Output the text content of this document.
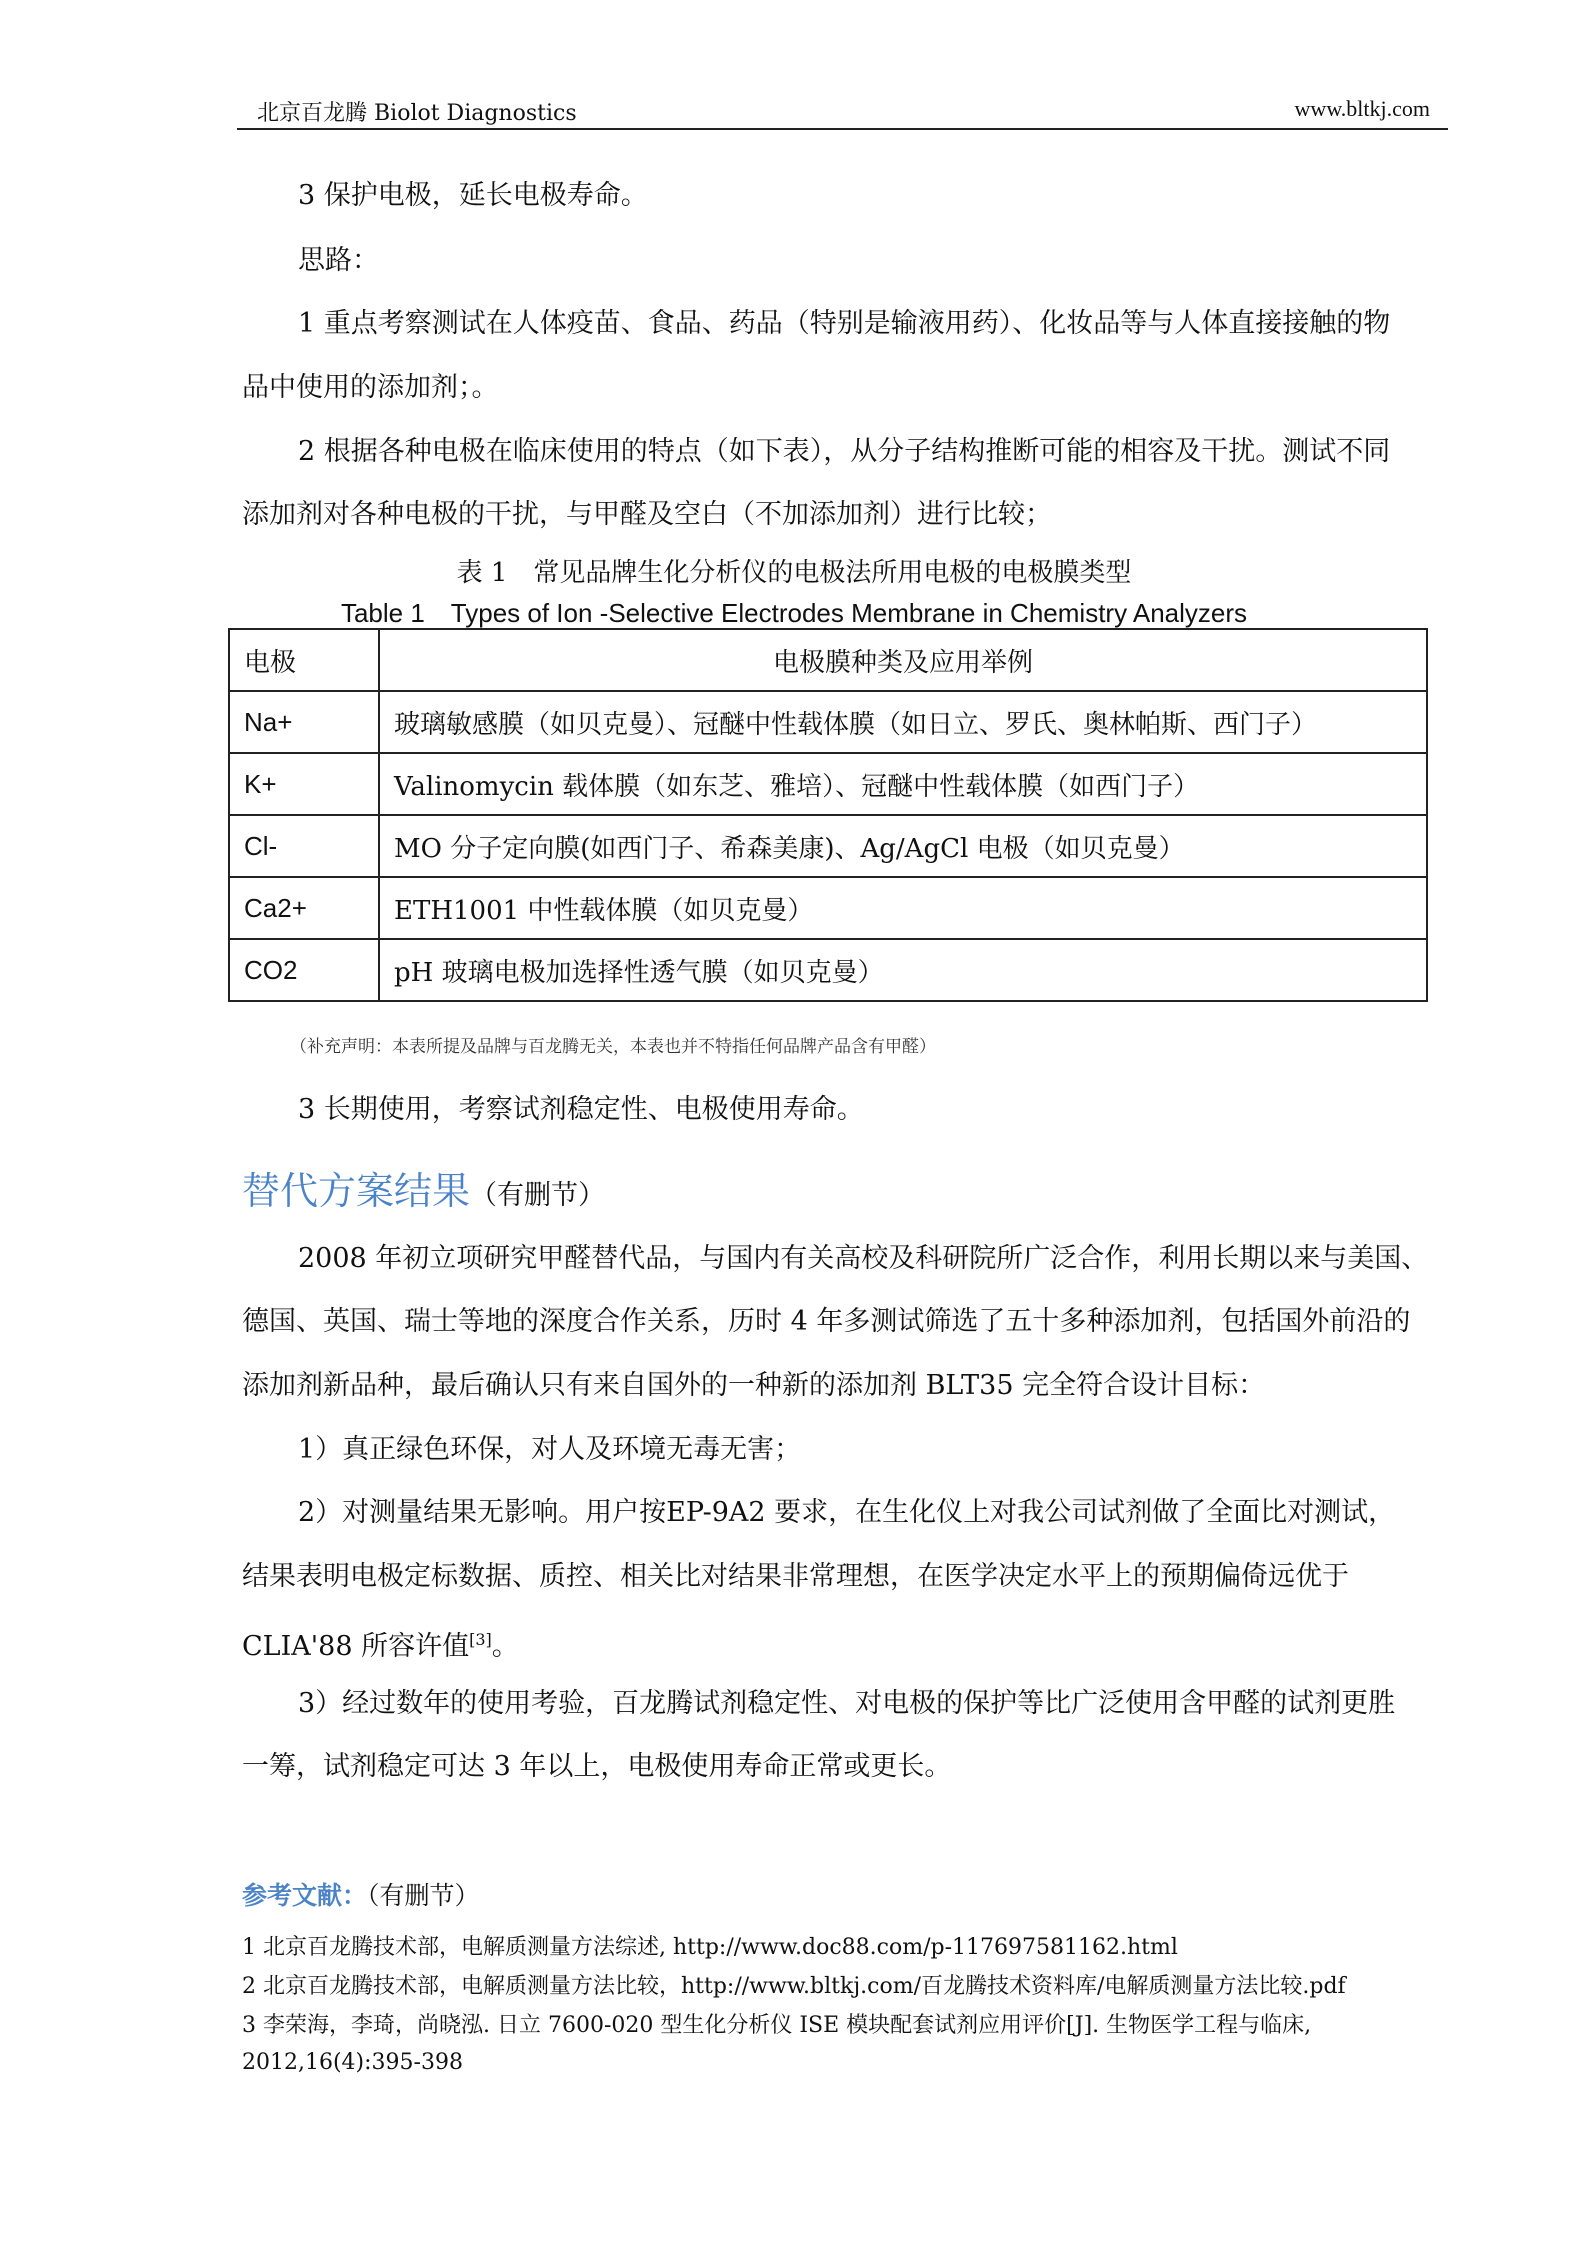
北京百龙腾 Biolot Diagnostics	www.bltkj.com
3 保护电极，延长电极寿命。
思路：
1 重点考察测试在人体疫苗、食品、药品（特别是输液用药）、化妆品等与人体直接接触的物
品中使用的添加剂；。
2 根据各种电极在临床使用的特点（如下表），从分子结构推断可能的相容及干扰。测试不同
添加剂对各种电极的干扰，与甲醛及空白（不加添加剂）进行比较；
表 1　常见品牌生化分析仪的电极法所用电极的电极膜类型
Table 1　Types of Ion -Selective Electrodes Membrane in Chemistry Analyzers
电极	电极膜种类及应用举例
Na+	玻璃敏感膜（如贝克曼）、冠醚中性载体膜（如日立、罗氏、奥林帕斯、西门子）
K+	Valinomycin 载体膜（如东芝、雅培）、冠醚中性载体膜（如西门子）
Cl-	MO 分子定向膜(如西门子、希森美康)、Ag/AgCl 电极（如贝克曼）
Ca2+	ETH1001 中性载体膜（如贝克曼）
CO2	pH 玻璃电极加选择性透气膜（如贝克曼）
（补充声明：本表所提及品牌与百龙腾无关，本表也并不特指任何品牌产品含有甲醛）
3 长期使用，考察试剂稳定性、电极使用寿命。
替代方案结果（有删节）
2008 年初立项研究甲醛替代品，与国内有关高校及科研院所广泛合作，利用长期以来与美国、
德国、英国、瑞士等地的深度合作关系，历时 4 年多测试筛选了五十多种添加剂，包括国外前沿的
添加剂新品种，最后确认只有来自国外的一种新的添加剂 BLT35 完全符合设计目标：
1）真正绿色环保，对人及环境无毒无害；
2）对测量结果无影响。用户按EP-9A2 要求，在生化仪上对我公司试剂做了全面比对测试，
结果表明电极定标数据、质控、相关比对结果非常理想，在医学决定水平上的预期偏倚远优于
CLIA'88 所容许值[3]。
3）经过数年的使用考验，百龙腾试剂稳定性、对电极的保护等比广泛使用含甲醛的试剂更胜
一筹，试剂稳定可达 3 年以上，电极使用寿命正常或更长。
参考文献：（有删节）
1 北京百龙腾技术部，电解质测量方法综述, http://www.doc88.com/p-117697581162.html
2 北京百龙腾技术部，电解质测量方法比较，http://www.bltkj.com/百龙腾技术资料库/电解质测量方法比较.pdf
3 李荣海，李琦，尚晓泓. 日立 7600-020 型生化分析仪 ISE 模块配套试剂应用评价[J]. 生物医学工程与临床,
2012,16(4):395-398
